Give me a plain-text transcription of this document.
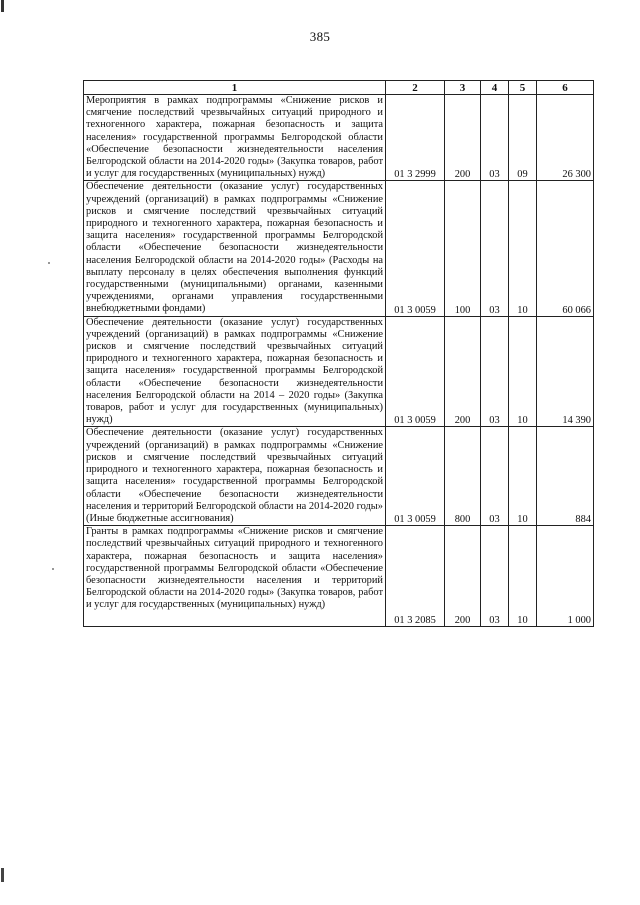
385
1	2	3	4	5	6
Мероприятия в рамках подпрограммы «Снижение рисков и смягчение последствий чрезвычайных ситуаций природного и техногенного характера, пожарная безопасность и защита населения» государственной программы Белгородской области «Обеспечение безопасности жизнедеятельности населения Белгородской области на 2014-2020 годы» (Закупка товаров, работ и услуг для государственных (муниципальных) нужд)	01 3 2999	200	03	09	26 300
Обеспечение деятельности (оказание услуг) государственных учреждений (организаций) в рамках подпрограммы «Снижение рисков и смягчение последствий чрезвычайных ситуаций природного и техногенного характера, пожарная безопасность и защита населения» государственной программы Белгородской области «Обеспечение безопасности жизнедеятельности населения Белгородской области на 2014-2020 годы» (Расходы на выплату персоналу в целях обеспечения выполнения функций государственными (муниципальными) органами, казенными учреждениями, органами управления государственными внебюджетными фондами)	01 3 0059	100	03	10	60 066
Обеспечение деятельности (оказание услуг) государственных учреждений (организаций) в рамках подпрограммы «Снижение рисков и смягчение последствий чрезвычайных ситуаций природного и техногенного характера, пожарная безопасность и защита населения» государственной программы Белгородской области «Обеспечение безопасности жизнедеятельности населения Белгородской области на 2014 – 2020 годы» (Закупка товаров, работ и услуг для государственных (муниципальных) нужд)	01 3 0059	200	03	10	14 390
Обеспечение деятельности (оказание услуг) государственных учреждений (организаций) в рамках подпрограммы «Снижение рисков и смягчение последствий чрезвычайных ситуаций природного и техногенного характера, пожарная безопасность и защита населения» государственной программы Белгородской области «Обеспечение безопасности жизнедеятельности населения и территорий Белгородской области на 2014-2020 годы» (Иные бюджетные ассигнования)	01 3 0059	800	03	10	884
Гранты в рамках подпрограммы «Снижение рисков и смягчение последствий чрезвычайных ситуаций природного и техногенного характера, пожарная безопасность и защита населения» государственной программы Белгородской области «Обеспечение безопасности жизнедеятельности населения и территорий Белгородской области на 2014-2020 годы» (Закупка товаров, работ и услуг для государственных (муниципальных) нужд)	01 3 2085	200	03	10	1 000
